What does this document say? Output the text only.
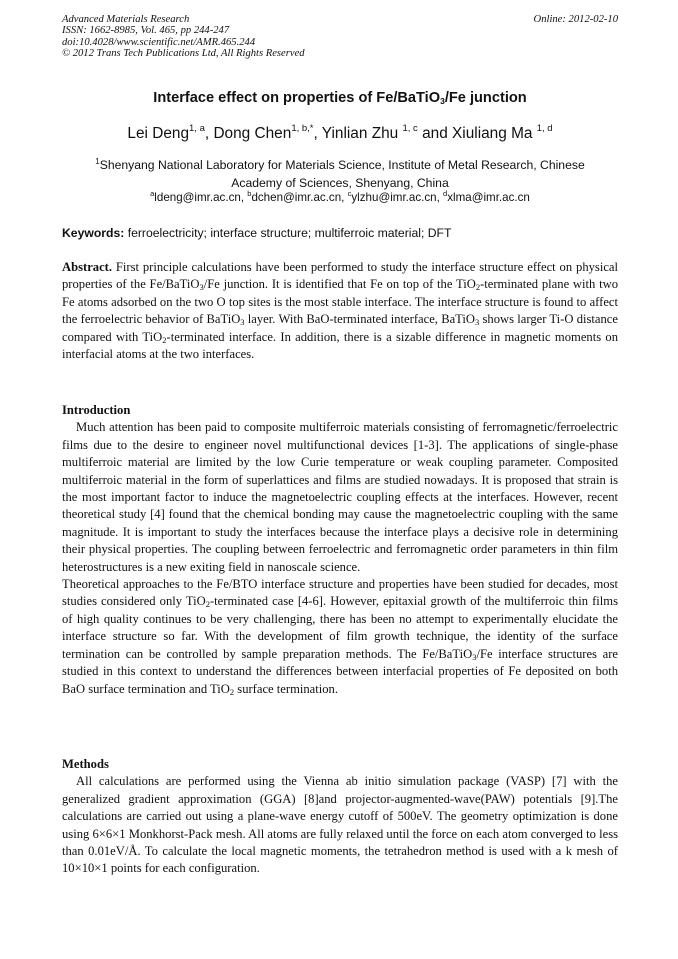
Advanced Materials Research
ISSN: 1662-8985, Vol. 465, pp 244-247
doi:10.4028/www.scientific.net/AMR.465.244
© 2012 Trans Tech Publications Ltd, All Rights Reserved
Online: 2012-02-10
Interface effect on properties of Fe/BaTiO$_3$/Fe junction
Lei Deng$^{1, a}$, Dong Chen$^{1, b,*}$, Yinlian Zhu $^{1, c}$ and Xiuliang Ma $^{1, d}$
$^1$Shenyang National Laboratory for Materials Science, Institute of Metal Research, Chinese
Academy of Sciences, Shenyang, China
$^a$ldeng@imr.ac.cn, $^b$dchen@imr.ac.cn, $^c$ylzhu@imr.ac.cn, $^d$xlma@imr.ac.cn
Keywords: ferroelectricity; interface structure; multiferroic material; DFT

Abstract. First principle calculations have been performed to study the interface structure effect on physical properties of the Fe/BaTiO$_3$/Fe junction. It is identified that Fe on top of the TiO$_2$-terminated plane with two Fe atoms adsorbed on the two O top sites is the most stable interface. The interface structure is found to affect the ferroelectric behavior of BaTiO$_3$ layer. With BaO-terminated interface, BaTiO$_3$ shows larger Ti-O distance compared with TiO$_2$-terminated interface. In addition, there is a sizable difference in magnetic moments on interfacial atoms at the two interfaces.

Introduction

Much attention has been paid to composite multiferroic materials consisting of ferromagnetic/ferroelectric films due to the desire to engineer novel multifunctional devices [1-3]. The applications of single-phase multiferroic material are limited by the low Curie temperature or weak coupling parameter. Composited multiferroic material in the form of superlattices and films are studied nowadays. It is proposed that strain is the most important factor to induce the magnetoelectric coupling effects at the interfaces. However, recent theoretical study [4] found that the chemical bonding may cause the magnetoelectric coupling with the same magnitude. It is important to study the interfaces because the interface plays a decisive role in determining their physical properties. The coupling between ferroelectric and ferromagnetic order parameters in thin film heterostructures is a new exiting field in nanoscale science.

Theoretical approaches to the Fe/BTO interface structure and properties have been studied for decades, most studies considered only TiO$_2$-terminated case [4-6]. However, epitaxial growth of the multiferroic thin films of high quality continues to be very challenging, there has been no attempt to experimentally elucidate the interface structure so far. With the development of film growth technique, the identity of the surface termination can be controlled by sample preparation methods. The Fe/BaTiO$_3$/Fe interface structures are studied in this context to understand the differences between interfacial properties of Fe deposited on both BaO surface termination and TiO$_2$ surface termination.

Methods

All calculations are performed using the Vienna ab initio simulation package (VASP) [7] with the generalized gradient approximation (GGA) [8]and projector-augmented-wave(PAW) potentials [9].The calculations are carried out using a plane-wave energy cutoff of 500eV. The geometry optimization is done using 6×6×1 Monkhorst-Pack mesh. All atoms are fully relaxed until the force on each atom converged to less than 0.01eV/Å. To calculate the local magnetic moments, the tetrahedron method is used with a k mesh of 10×10×1 points for each configuration.
